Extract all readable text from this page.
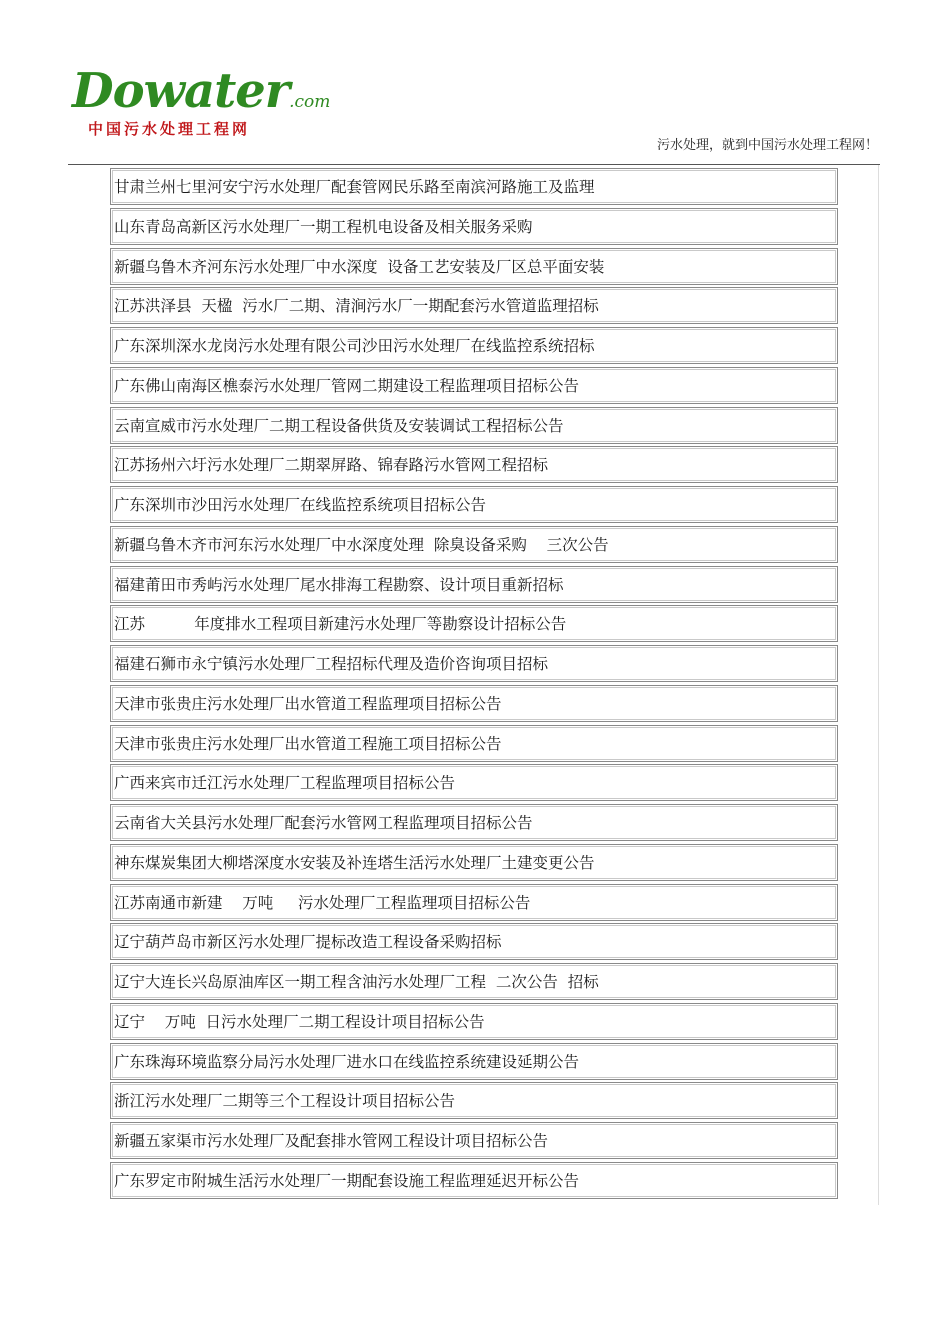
Dowater.com
中国污水处理工程网
污水处理，就到中国污水处理工程网！
甘肃兰州七里河安宁污水处理厂配套管网民乐路至南滨河路施工及监理
山东青岛高新区污水处理厂一期工程机电设备及相关服务采购
新疆乌鲁木齐河东污水处理厂中水深度  设备工艺安装及厂区总平面安装
江苏洪泽县  天楹  污水厂二期、清涧污水厂一期配套污水管道监理招标
广东深圳深水龙岗污水处理有限公司沙田污水处理厂在线监控系统招标
广东佛山南海区樵泰污水处理厂管网二期建设工程监理项目招标公告
云南宣威市污水处理厂二期工程设备供货及安装调试工程招标公告
江苏扬州六圩污水处理厂二期翠屏路、锦春路污水管网工程招标
广东深圳市沙田污水处理厂在线监控系统项目招标公告
新疆乌鲁木齐市河东污水处理厂中水深度处理  除臭设备采购    三次公告
福建莆田市秀屿污水处理厂尾水排海工程勘察、设计项目重新招标
江苏          年度排水工程项目新建污水处理厂等勘察设计招标公告
福建石狮市永宁镇污水处理厂工程招标代理及造价咨询项目招标
天津市张贵庄污水处理厂出水管道工程监理项目招标公告
天津市张贵庄污水处理厂出水管道工程施工项目招标公告
广西来宾市迁江污水处理厂工程监理项目招标公告
云南省大关县污水处理厂配套污水管网工程监理项目招标公告
神东煤炭集团大柳塔深度水安装及补连塔生活污水处理厂土建变更公告
江苏南通市新建    万吨     污水处理厂工程监理项目招标公告
辽宁葫芦岛市新区污水处理厂提标改造工程设备采购招标
辽宁大连长兴岛原油库区一期工程含油污水处理厂工程  二次公告  招标
辽宁    万吨  日污水处理厂二期工程设计项目招标公告
广东珠海环境监察分局污水处理厂进水口在线监控系统建设延期公告
浙江污水处理厂二期等三个工程设计项目招标公告
新疆五家渠市污水处理厂及配套排水管网工程设计项目招标公告
广东罗定市附城生活污水处理厂一期配套设施工程监理延迟开标公告
